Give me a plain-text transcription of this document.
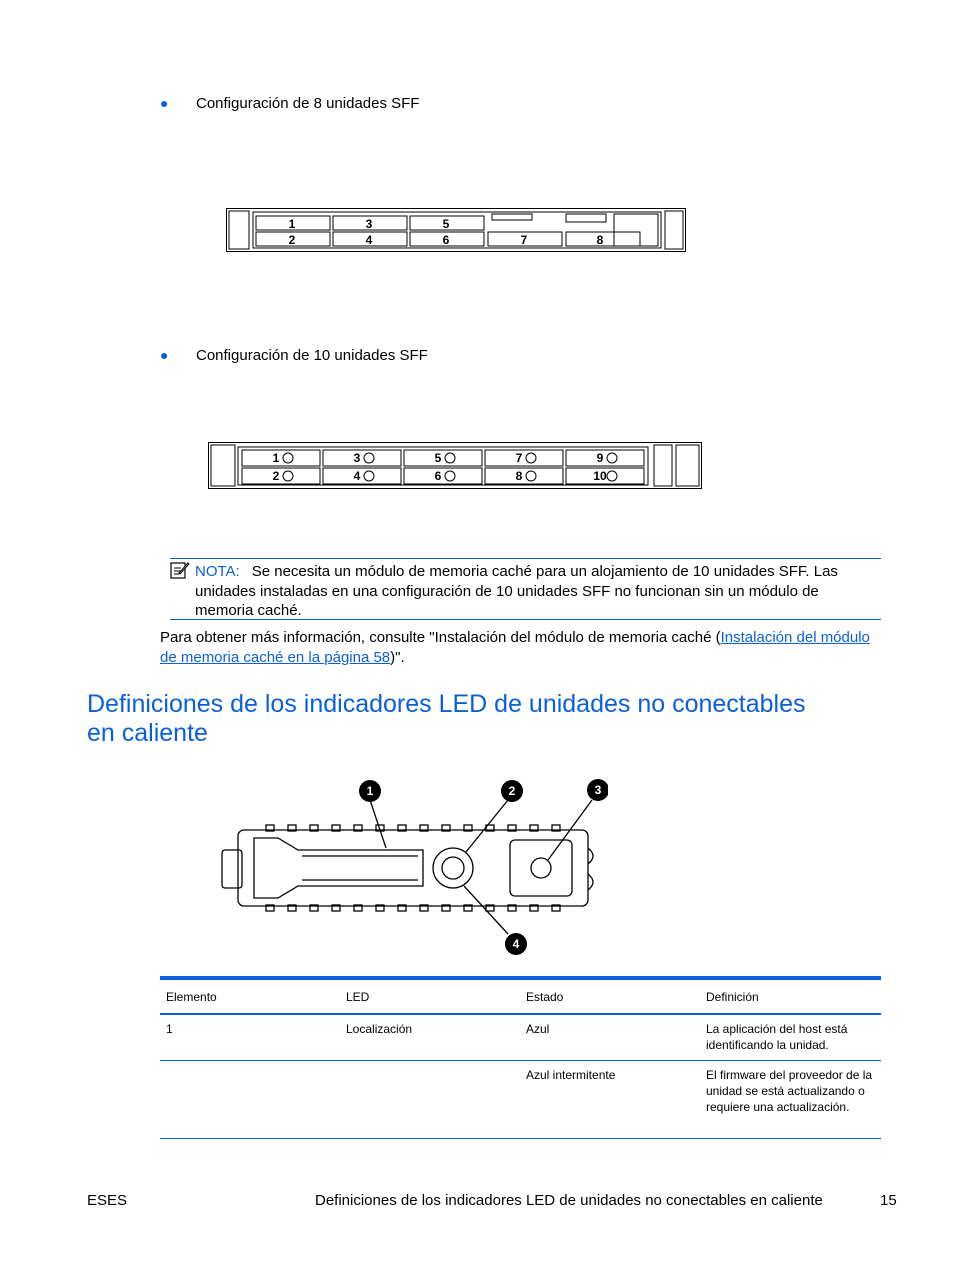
● Configuración de 8 unidades SFF
1
2
3
4
5
6	7	8
● Configuración de 10 unidades SFF
1
2
3
4
5
6
7
8
9
10
NOTA: Se necesita un módulo de memoria caché para un alojamiento de 10 unidades SFF. Las unidades instaladas en una configuración de 10 unidades SFF no funcionan sin un módulo de memoria caché.
Para obtener más información, consulte "Instalación del módulo de memoria caché (Instalación del módulo de memoria caché en la página 58)".
Definiciones de los indicadores LED de unidades no conectables en caliente
1	2	3
4
Elemento	LED	Estado	Definición
1	Localización	Azul	La aplicación del host está identificando la unidad.
		Azul intermitente	El firmware del proveedor de la unidad se está actualizando o requiere una actualización.
ESES	Definiciones de los indicadores LED de unidades no conectables en caliente	15
